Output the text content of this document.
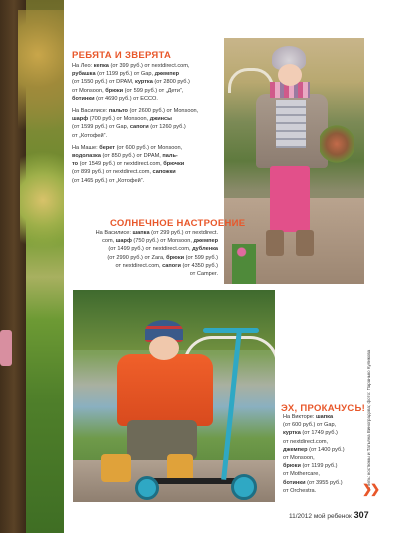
РЕБЯТА И ЗВЕРЯТА
На Лео: кепка (от 399 руб.) от nextdirect.com,
рубашка (от 1199 руб.) от Gap, джемпер
(от 1550 руб.) от DPAM, куртка (от 2800 руб.)
от Monsoon, брюки (от 599 руб.) от „Дети“,
ботинки (от 4690 руб.) от ECCO.

На Василисе: пальто (от 2600 руб.) от Monsoon,
шарф (700 руб.) от Monsoon, джинсы
(от 1599 руб.) от Gap, сапоги (от 1260 руб.)
от „Котофей“.

На Маше: берет (от 600 руб.) от Monsoon,
водолазка (от 850 руб.) от DPAM, паль-
то (от 1549 руб.) от nextdirect.com, брючки
(от 899 руб.) от nextdirect.com, сапожки
(от 1465 руб.) от „Котофей“.
СОЛНЕЧНОЕ НАСТРОЕНИЕ
На Василисе: шапка (от 299 руб.) от nextdirect.
com, шарф (750 руб.) от Monsoon, джемпер
(от 1499 руб.) от nextdirect.com, дубленка
(от 2990 руб.) от Zara, брюки (от 599 руб.)
от nextdirect.com, сапоги (от 4350 руб.)
от Camper.
ЭХ, ПРОКАЧУСЬ!
На Викторе: шапка
(от 600 руб.) от Gap,
куртка (от 1749 руб.)
от nextdirect.com,
джемпер (от 1400 руб.)
от Monsoon,
брюки (от 1199 руб.)
от Mothercare,
ботинки (от 3955 руб.)
от Orchestra.
Стиль: костюмы и Татьяна Виноградова; фото: Паранько Куликова
❯❯
11/2012 мой ребенок 307
